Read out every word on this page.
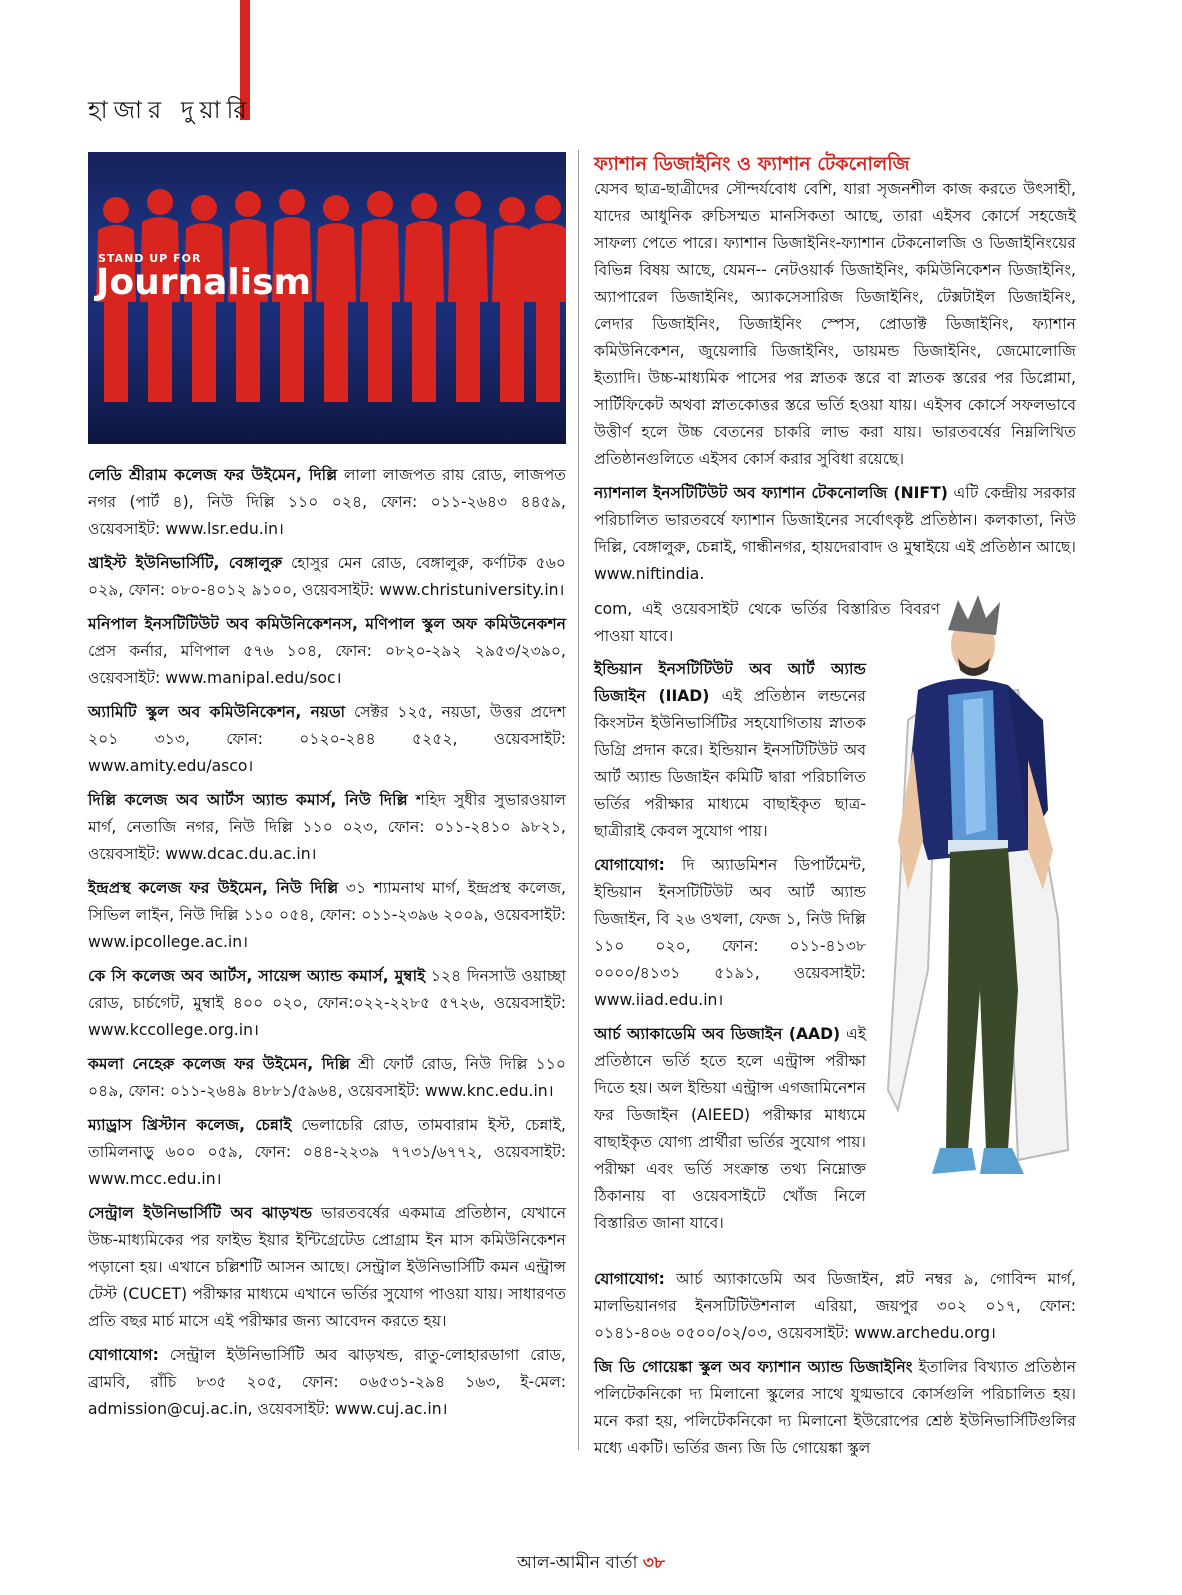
হাজার দুয়ারি
STAND UP FOR
Journalism

লেডি শ্রীরাম কলেজ ফর উইমেন, দিল্লি লালা লাজপত রায় রোড, লাজপত নগর (পার্ট ৪), নিউ দিল্লি ১১০ ০২৪, ফোন: ০১১-২৬৪৩ ৪৪৫৯, ওয়েবসাইট: www.lsr.edu.in।

খ্রাইস্ট ইউনিভার্সিটি, বেঙ্গালুরু হোসুর মেন রোড, বেঙ্গালুরু, কর্ণাটক ৫৬০ ০২৯, ফোন: ০৮০-৪০১২ ৯১০০, ওয়েবসাইট: www.christuniversity.in।

মনিপাল ইনসটিটিউট অব কমিউনিকেশনস, মণিপাল স্কুল অফ কমিউনেকশন প্রেস কর্নার, মণিপাল ৫৭৬ ১০৪, ফোন: ০৮২০-২৯২ ২৯৫৩/২৩৯০, ওয়েবসাইট: www.manipal.edu/soc।

অ্যামিটি স্কুল অব কমিউনিকেশন, নয়ডা সেক্টর ১২৫, নয়ডা, উত্তর প্রদেশ ২০১ ৩১৩, ফোন: ০১২০-২৪৪ ৫২৫২, ওয়েবসাইট: www.amity.edu/asco।

দিল্লি কলেজ অব আর্টস অ্যান্ড কমার্স, নিউ দিল্লি শহিদ সুধীর সুভারওয়াল মার্গ, নেতাজি নগর, নিউ দিল্লি ১১০ ০২৩, ফোন: ০১১-২৪১০ ৯৮২১, ওয়েবসাইট: www.dcac.du.ac.in।

ইন্দ্রপ্রস্থ কলেজ ফর উইমেন, নিউ দিল্লি ৩১ শ্যামনাথ মার্গ, ইন্দ্রপ্রস্থ কলেজ, সিভিল লাইন, নিউ দিল্লি ১১০ ০৫৪, ফোন: ০১১-২৩৯৬ ২০০৯, ওয়েবসাইট: www.ipcollege.ac.in।

কে সি কলেজ অব আর্টস, সায়েন্স অ্যান্ড কমার্স, মুম্বাই ১২৪ দিনসাউ ওয়াচ্ছা রোড, চার্চগেট, মুম্বাই ৪০০ ০২০, ফোন:০২২-২২৮৫ ৫৭২৬, ওয়েবসাইট: www.kccollege.org.in।

কমলা নেহেরু কলেজ ফর উইমেন, দিল্লি শ্রী ফোর্ট রোড, নিউ দিল্লি ১১০ ০৪৯, ফোন: ০১১-২৬৪৯ ৪৮৮১/৫৯৬৪, ওয়েবসাইট: www.knc.edu.in।

ম্যাড্রাস খ্রিস্টান কলেজ, চেন্নাই ভেলাচেরি রোড, তামবারাম ইস্ট, চেন্নাই, তামিলনাড়ু ৬০০ ০৫৯, ফোন: ০৪৪-২২৩৯ ৭৭৩১/৬৭৭২, ওয়েবসাইট: www.mcc.edu.in।

সেন্ট্রাল ইউনিভার্সিটি অব ঝাড়খন্ড ভারতবর্ষের একমাত্র প্রতিষ্ঠান, যেখানে উচ্চ-মাধ্যমিকের পর ফাইভ ইয়ার ইন্টিগ্রেটেড প্রোগ্রাম ইন মাস কমিউনিকেশন পড়ানো হয়। এখানে চল্লিশটি আসন আছে। সেন্ট্রাল ইউনিভার্সিটি কমন এন্ট্রান্স টেস্ট (CUCET) পরীক্ষার মাধ্যমে এখানে ভর্তির সুযোগ পাওয়া যায়। সাধারণত প্রতি বছর মার্চ মাসে এই পরীক্ষার জন্য আবেদন করতে হয়।

যোগাযোগ: সেন্ট্রাল ইউনিভার্সিটি অব ঝাড়খন্ড, রাতু-লোহারডাগা রোড, ব্রামবি, রাঁচি ৮৩৫ ২০৫, ফোন: ০৬৫৩১-২৯৪ ১৬৩, ই-মেল: admission@cuj.ac.in, ওয়েবসাইট: www.cuj.ac.in।

ফ্যাশান ডিজাইনিং ও ফ্যাশান টেকনোলজি

যেসব ছাত্র-ছাত্রীদের সৌন্দর্যবোধ বেশি, যারা সৃজনশীল কাজ করতে উৎসাহী, যাদের আধুনিক রুচিসম্মত মানসিকতা আছে, তারা এইসব কোর্সে সহজেই সাফল্য পেতে পারে। ফ্যাশান ডিজাইনিং-ফ্যাশান টেকনোলজি ও ডিজাইনিংয়ের বিভিন্ন বিষয় আছে, যেমন-- নেটওয়ার্ক ডিজাইনিং, কমিউনিকেশন ডিজাইনিং, অ্যাপারেল ডিজাইনিং, অ্যাকসেসারিজ ডিজাইনিং, টেক্সটাইল ডিজাইনিং, লেদার ডিজাইনিং, ডিজাইনিং স্পেস, প্রোডাক্ট ডিজাইনিং, ফ্যাশান কমিউনিকেশন, জুয়েলারি ডিজাইনিং, ডায়মন্ড ডিজাইনিং, জেমোলোজি ইত্যাদি। উচ্চ-মাধ্যমিক পাসের পর স্নাতক স্তরে বা স্নাতক স্তরের পর ডিপ্লোমা, সার্টিফিকেট অথবা স্নাতকোত্তর স্তরে ভর্তি হওয়া যায়। এইসব কোর্সে সফলভাবে উত্তীর্ণ হলে উচ্চ বেতনের চাকরি লাভ করা যায়। ভারতবর্ষের নিম্নলিখিত প্রতিষ্ঠানগুলিতে এইসব কোর্স করার সুবিধা রয়েছে।

ন্যাশনাল ইনসটিটিউট অব ফ্যাশান টেকনোলজি (NIFT) এটি কেন্দ্রীয় সরকার পরিচালিত ভারতবর্ষে ফ্যাশান ডিজাইনের সর্বোৎকৃষ্ট প্রতিষ্ঠান। কলকাতা, নিউ দিল্লি, বেঙ্গালুরু, চেন্নাই, গান্ধীনগর, হায়দেরাবাদ ও মুম্বাইয়ে এই প্রতিষ্ঠান আছে। www.niftindia.

com, এই ওয়েবসাইট থেকে ভর্তির বিস্তারিত বিবরণ পাওয়া যাবে।

ইন্ডিয়ান ইনসটিটিউট অব আর্ট অ্যান্ড ডিজাইন (IIAD) এই প্রতিষ্ঠান লন্ডনের কিংসটন ইউনিভার্সিটির সহযোগিতায় স্নাতক ডিগ্রি প্রদান করে। ইন্ডিয়ান ইনসটিটিউট অব আর্ট অ্যান্ড ডিজাইন কমিটি দ্বারা পরিচালিত ভর্তির পরীক্ষার মাধ্যমে বাছাইকৃত ছাত্র-ছাত্রীরাই কেবল সুযোগ পায়।

যোগাযোগ: দি অ্যাডমিশন ডিপার্টমেন্ট, ইন্ডিয়ান ইনসটিটিউট অব আর্ট অ্যান্ড ডিজাইন, বি ২৬ ওখলা, ফেজ ১, নিউ দিল্লি ১১০ ০২০, ফোন: ০১১-৪১৩৮ ০০০০/৪১৩১ ৫১৯১, ওয়েবসাইট: www.iiad.edu.in।

আর্চ অ্যাকাডেমি অব ডিজাইন (AAD) এই প্রতিষ্ঠানে ভর্তি হতে হলে এন্ট্রান্স পরীক্ষা দিতে হয়। অল ইন্ডিয়া এন্ট্রান্স এগজামিনেশন ফর ডিজাইন (AIEED) পরীক্ষার মাধ্যমে বাছাইকৃত যোগ্য প্রার্থীরা ভর্তির সুযোগ পায়। পরীক্ষা এবং ভর্তি সংক্রান্ত তথ্য নিম্নোক্ত ঠিকানায় বা ওয়েবসাইটে খোঁজ নিলে বিস্তারিত জানা যাবে।

যোগাযোগ: আর্চ অ্যাকাডেমি অব ডিজাইন, প্লট নম্বর ৯, গোবিন্দ মার্গ, মালভিয়ানগর ইনসটিটিউশনাল এরিয়া, জয়পুর ৩০২ ০১৭, ফোন: ০১৪১-৪০৬ ০৫০০/০২/০৩, ওয়েবসাইট: www.archedu.org।

জি ডি গোয়েঙ্কা স্কুল অব ফ্যাশান অ্যান্ড ডিজাইনিং ইতালির বিখ্যাত প্রতিষ্ঠান পলিটেকনিকো দ্য মিলানো স্কুলের সাথে যুগ্মভাবে কোর্সগুলি পরিচালিত হয়। মনে করা হয়, পলিটেকনিকো দ্য মিলানো ইউরোপের শ্রেষ্ঠ ইউনিভার্সিটিগুলির মধ্যে একটি। ভর্তির জন্য জি ডি গোয়েঙ্কা স্কুল

আল-আমীন বার্তা ৩৮
